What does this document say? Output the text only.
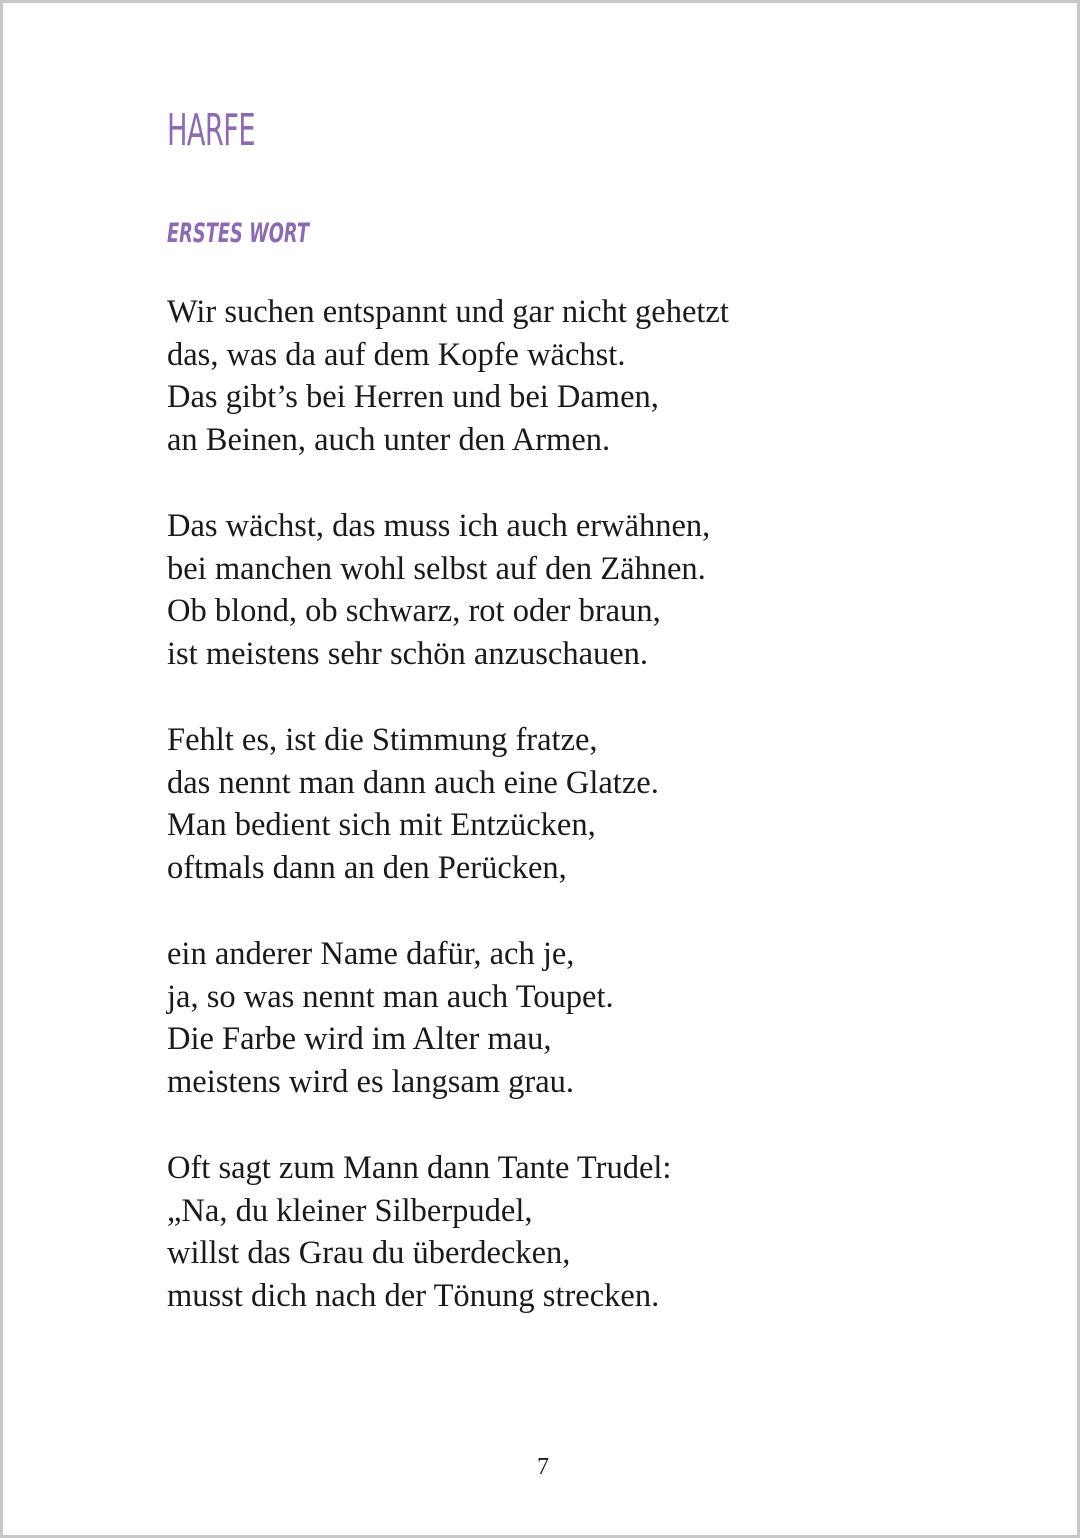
HARFE
ERSTES WORT
Wir suchen entspannt und gar nicht gehetzt
das, was da auf dem Kopfe wächst.
Das gibt’s bei Herren und bei Damen,
an Beinen, auch unter den Armen.
Das wächst, das muss ich auch erwähnen,
bei manchen wohl selbst auf den Zähnen.
Ob blond, ob schwarz, rot oder braun,
ist meistens sehr schön anzuschauen.
Fehlt es, ist die Stimmung fratze,
das nennt man dann auch eine Glatze.
Man bedient sich mit Entzücken,
oftmals dann an den Perücken,
ein anderer Name dafür, ach je,
ja, so was nennt man auch Toupet.
Die Farbe wird im Alter mau,
meistens wird es langsam grau.
Oft sagt zum Mann dann Tante Trudel:
„Na, du kleiner Silberpudel,
willst das Grau du überdecken,
musst dich nach der Tönung strecken.
7
